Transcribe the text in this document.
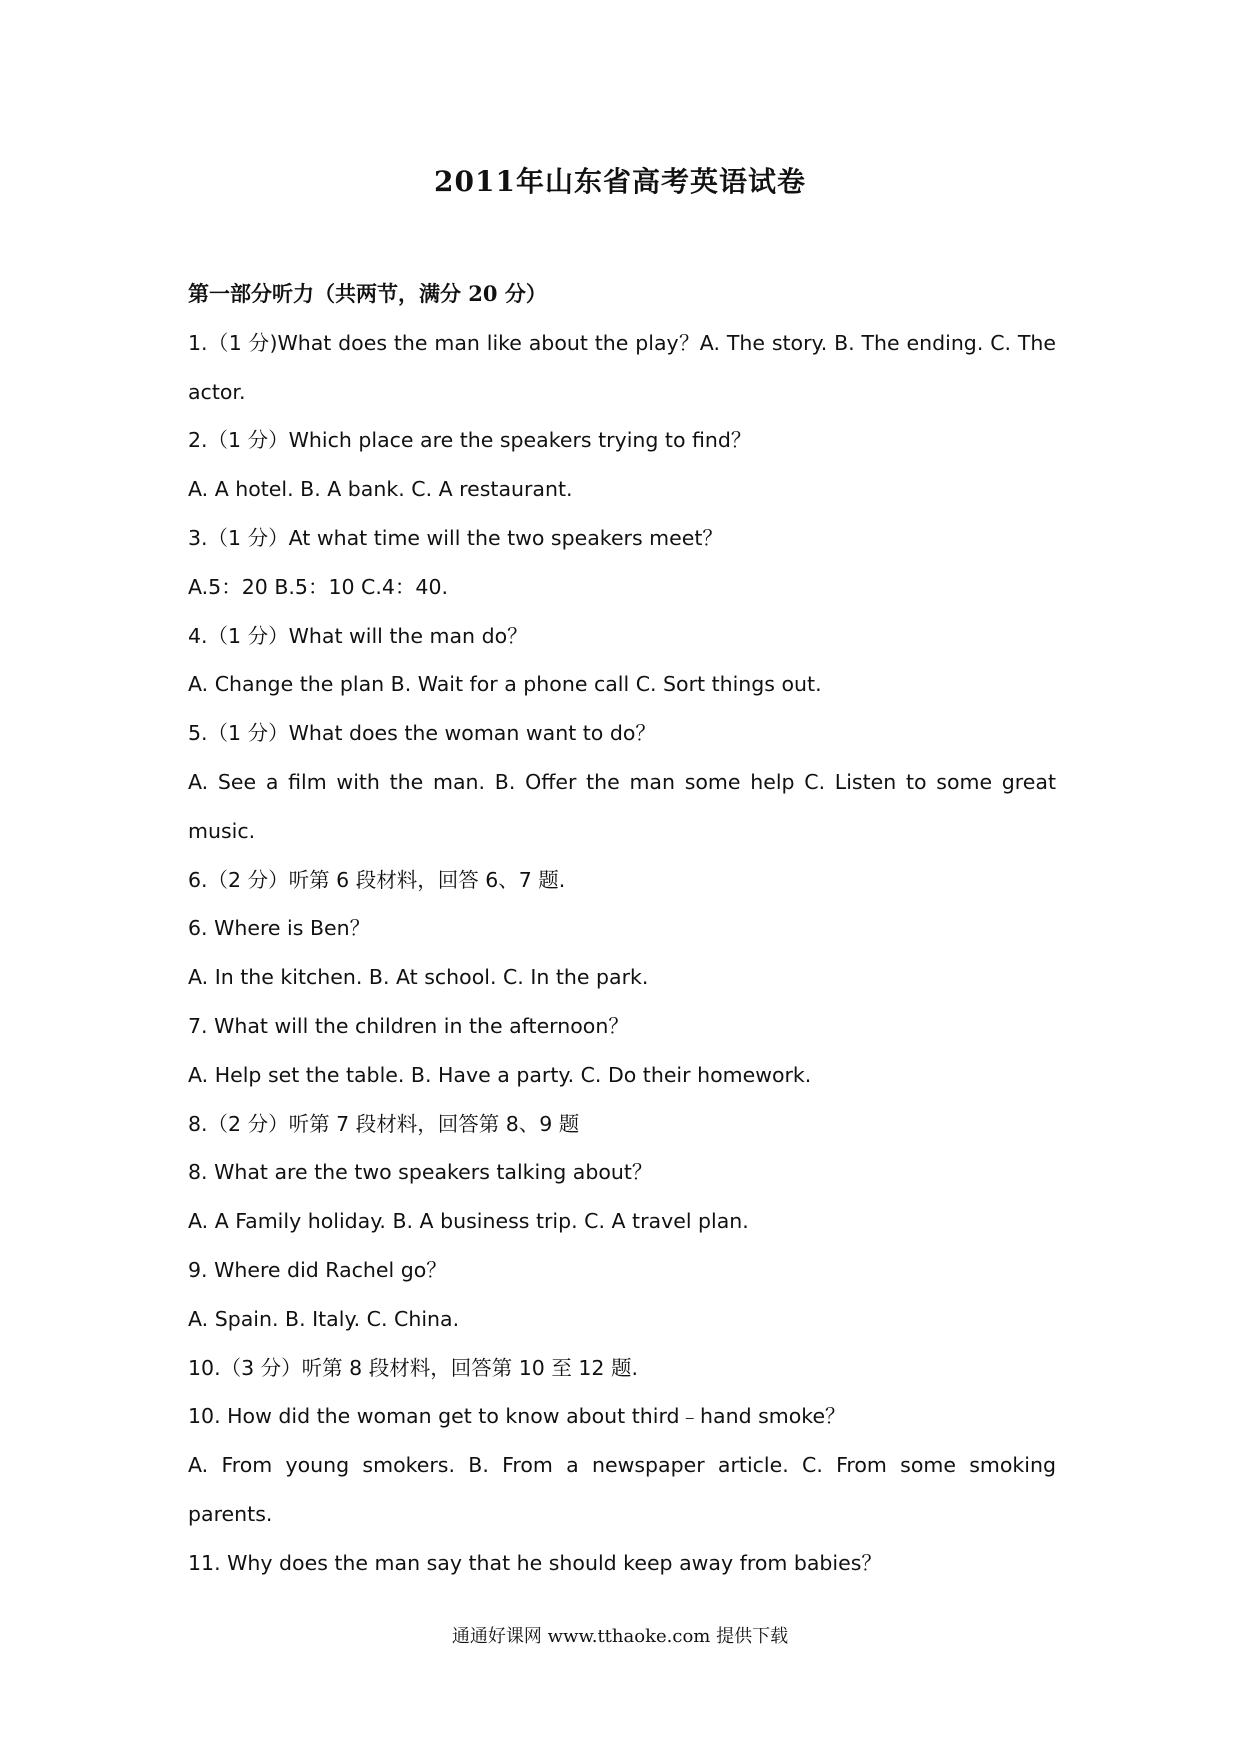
2011年山东省高考英语试卷
第一部分听力（共两节，满分 20 分）
1.（1 分)What does the man like about the play？A. The story. B. The ending. C. The
actor.
2.（1 分）Which place are the speakers trying to find？
A. A hotel. B. A bank. C. A restaurant.
3.（1 分）At what time will the two speakers meet？
A.5：20 B.5：10 C.4：40.
4.（1 分）What will the man do？
A. Change the plan B. Wait for a phone call C. Sort things out.
5.（1 分）What does the woman want to do？
A. See a film with the man. B. Offer the man some help C. Listen to some great
music.
6.（2 分）听第 6 段材料，回答 6、7 题.
6. Where is Ben？
A. In the kitchen. B. At school. C. In the park.
7. What will the children in the afternoon？
A. Help set the table. B. Have a party. C. Do their homework.
8.（2 分）听第 7 段材料，回答第 8、9 题
8. What are the two speakers talking about？
A. A Family holiday. B. A business trip. C. A travel plan.
9. Where did Rachel go？
A. Spain. B. Italy. C. China.
10.（3 分）听第 8 段材料，回答第 10 至 12 题.
10. How did the woman get to know about third﹣hand smoke？
A. From young smokers. B. From a newspaper article. C. From some smoking
parents.
11. Why does the man say that he should keep away from babies？
通通好课网 www.tthaoke.com 提供下载
